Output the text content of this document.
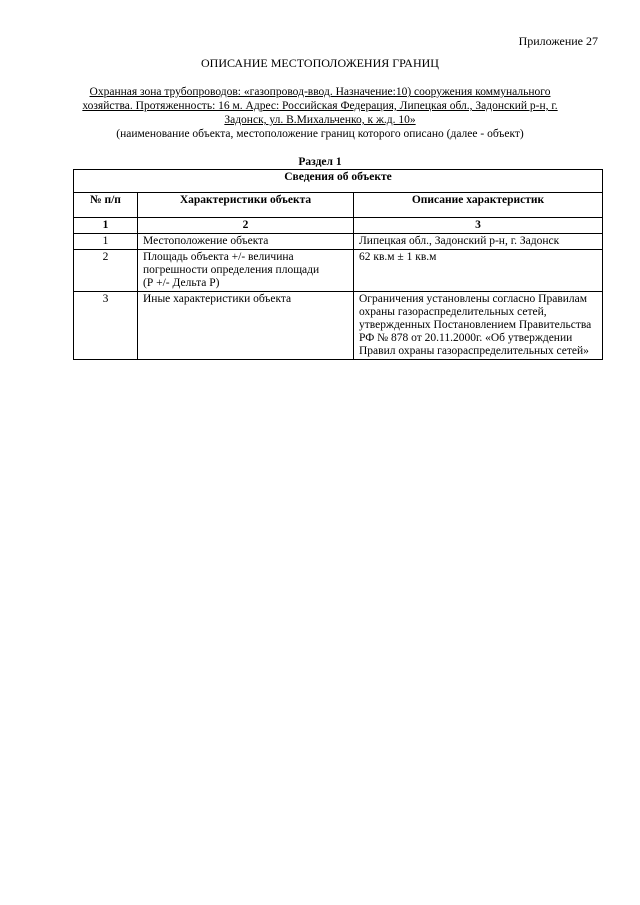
Приложение 27
ОПИСАНИЕ МЕСТОПОЛОЖЕНИЯ ГРАНИЦ
Охранная зона трубопроводов: «газопровод-ввод. Назначение:10) сооружения коммунального
хозяйства. Протяженность: 16 м. Адрес: Российская Федерация, Липецкая обл., Задонский р-н, г.
Задонск, ул. В.Михальченко, к ж.д. 10»
(наименование объекта, местоположение границ которого описано (далее - объект)
Раздел 1
Сведения об объекте		
№ п/п	Характеристики объекта	Описание характеристик
1	2	3
1	Местоположение объекта	Липецкая обл., Задонский р-н, г. Задонск

2	Площадь объекта +/- величина
погрешности определения площади
(Р +/- Дельта Р)	62 кв.м ± 1 кв.м

3	Иные характеристики объекта	Ограничения установлены согласно Правилам
охраны газораспределительных сетей,
утвержденных Постановлением Правительства
РФ № 878 от 20.11.2000г. «Об утверждении
Правил охраны газораспределительных сетей»
